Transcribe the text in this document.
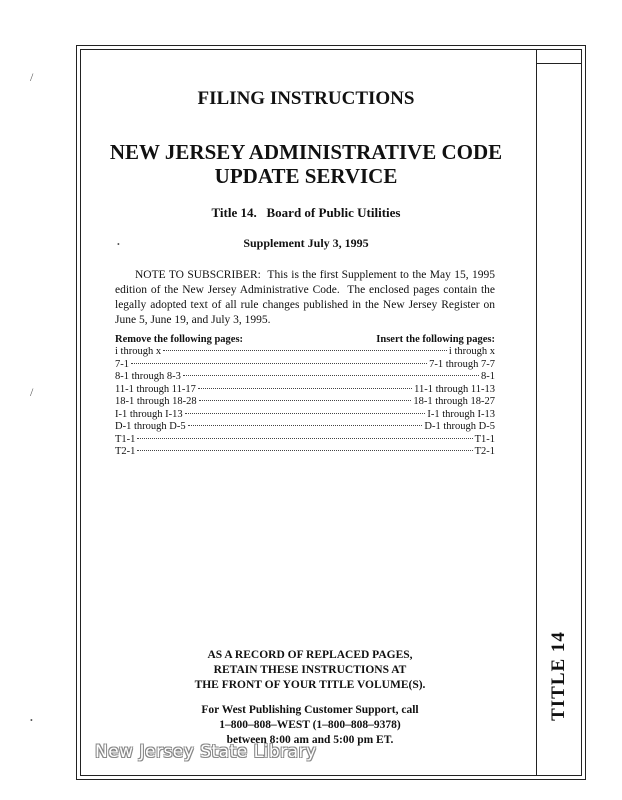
TITLE 14
/
/
•
•
FILING INSTRUCTIONS
NEW JERSEY ADMINISTRATIVE CODE
UPDATE SERVICE
Title 14.   Board of Public Utilities
Supplement July 3, 1995
NOTE TO SUBSCRIBER:  This is the first Supplement to the May 15, 1995 edition of the New Jersey Administrative Code.  The enclosed pages contain the legally adopted text of all rule changes published in the New Jersey Register on June 5, June 19, and July 3, 1995.
Remove the following pages:	Insert the following pages:
i through x	i through x
7-1	7-1 through 7-7
8-1 through 8-3	8-1
11-1 through 11-17	11-1 through 11-13
18-1 through 18-28	18-1 through 18-27
I-1 through I-13	I-1 through I-13
D-1 through D-5	D-1 through D-5
T1-1	T1-1
T2-1	T2-1
AS A RECORD OF REPLACED PAGES,
RETAIN THESE INSTRUCTIONS AT
THE FRONT OF YOUR TITLE VOLUME(S).
For West Publishing Customer Support, call
1–800–808–WEST (1–800–808–9378)
between 8:00 am and 5:00 pm ET.
New Jersey State Library
